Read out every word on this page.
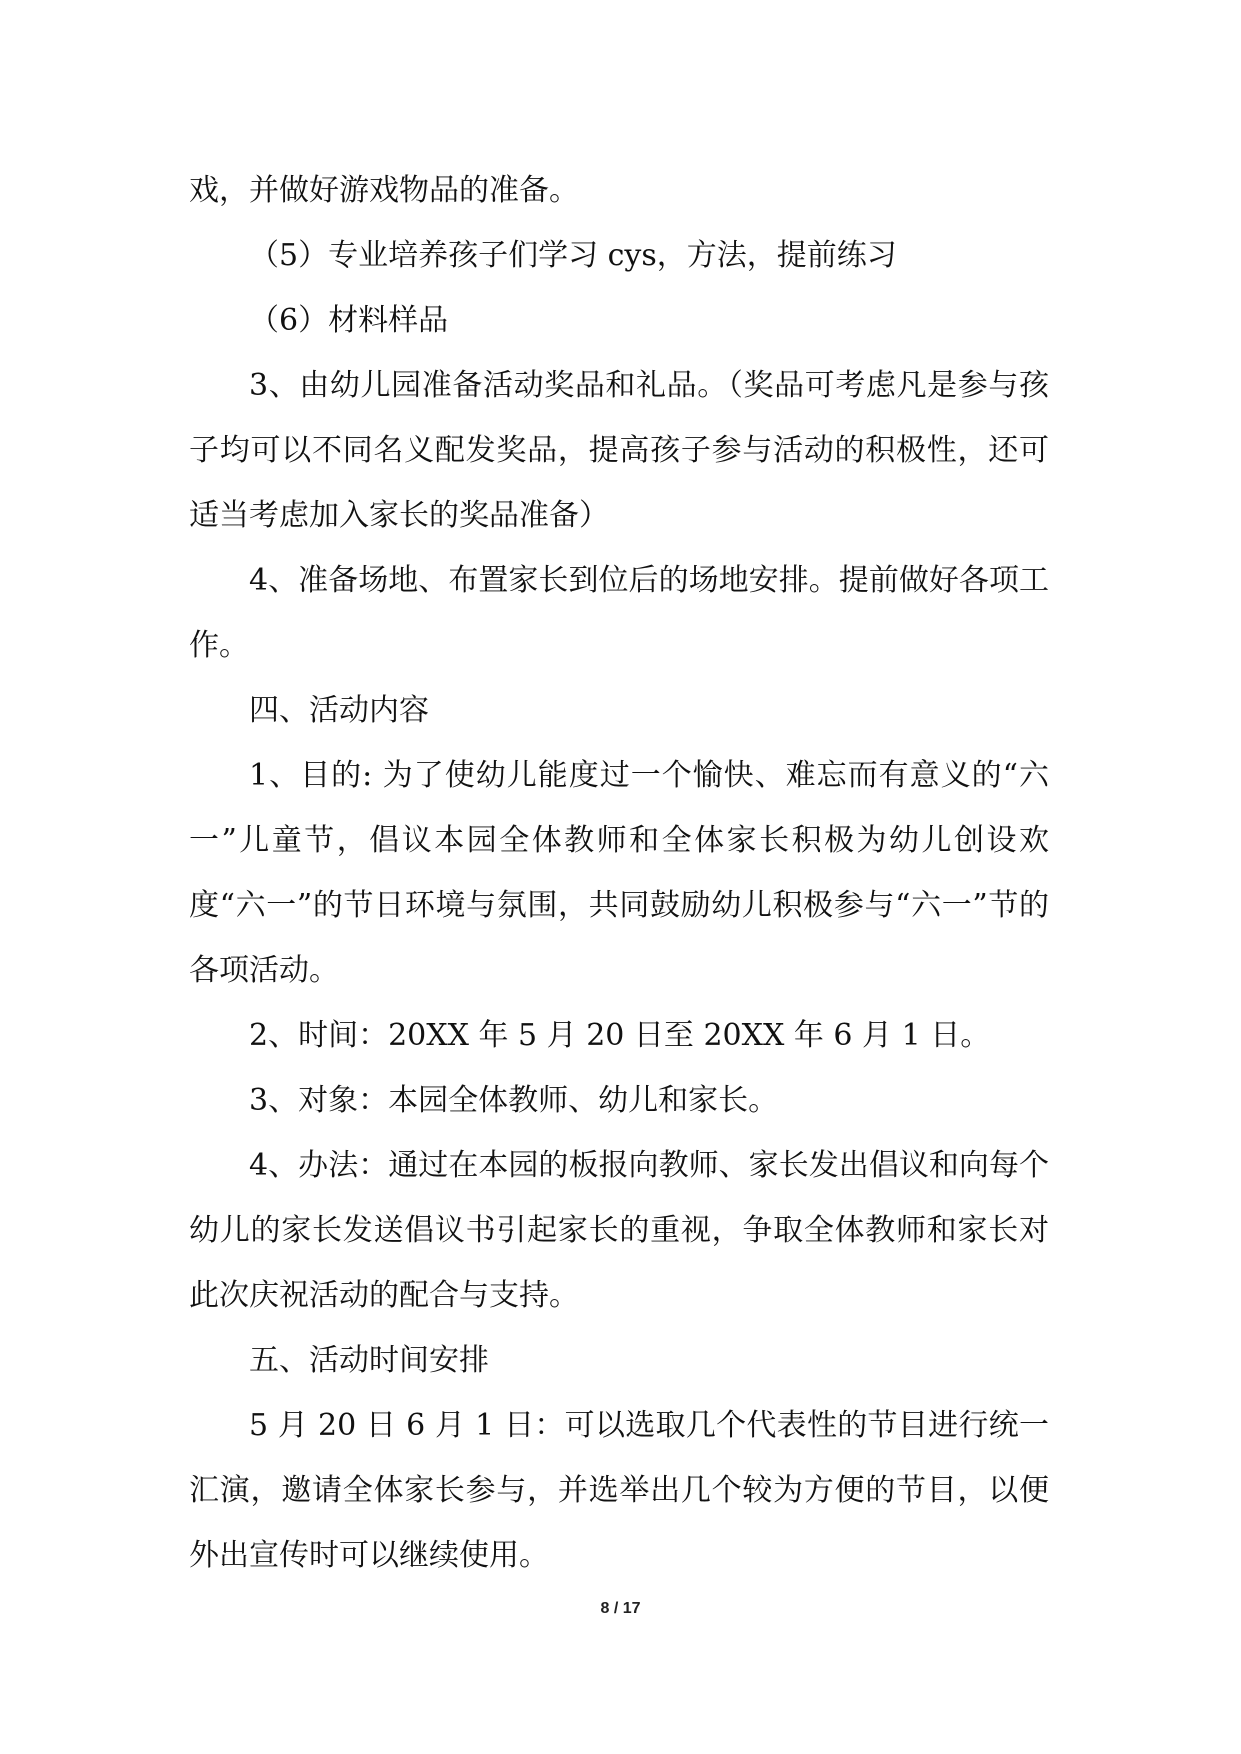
戏，并做好游戏物品的准备。

（5）专业培养孩子们学习 cys，方法，提前练习

（6）材料样品

3、由幼儿园准备活动奖品和礼品。（奖品可考虑凡是参与孩子均可以不同名义配发奖品，提高孩子参与活动的积极性，还可适当考虑加入家长的奖品准备）

4、准备场地、布置家长到位后的场地安排。提前做好各项工作。

四、活动内容

1、目的: 为了使幼儿能度过一个愉快、难忘而有意义的“六一”儿童节，倡议本园全体教师和全体家长积极为幼儿创设欢度“六一”的节日环境与氛围，共同鼓励幼儿积极参与“六一”节的各项活动。

2、时间：20XX 年 5 月 20 日至 20XX 年 6 月 1 日。

3、对象：本园全体教师、幼儿和家长。

4、办法：通过在本园的板报向教师、家长发出倡议和向每个幼儿的家长发送倡议书引起家长的重视，争取全体教师和家长对此次庆祝活动的配合与支持。

五、活动时间安排

5 月 20 日 6 月 1 日：可以选取几个代表性的节目进行统一汇演，邀请全体家长参与，并选举出几个较为方便的节目，以便外出宣传时可以继续使用。

8 / 17
